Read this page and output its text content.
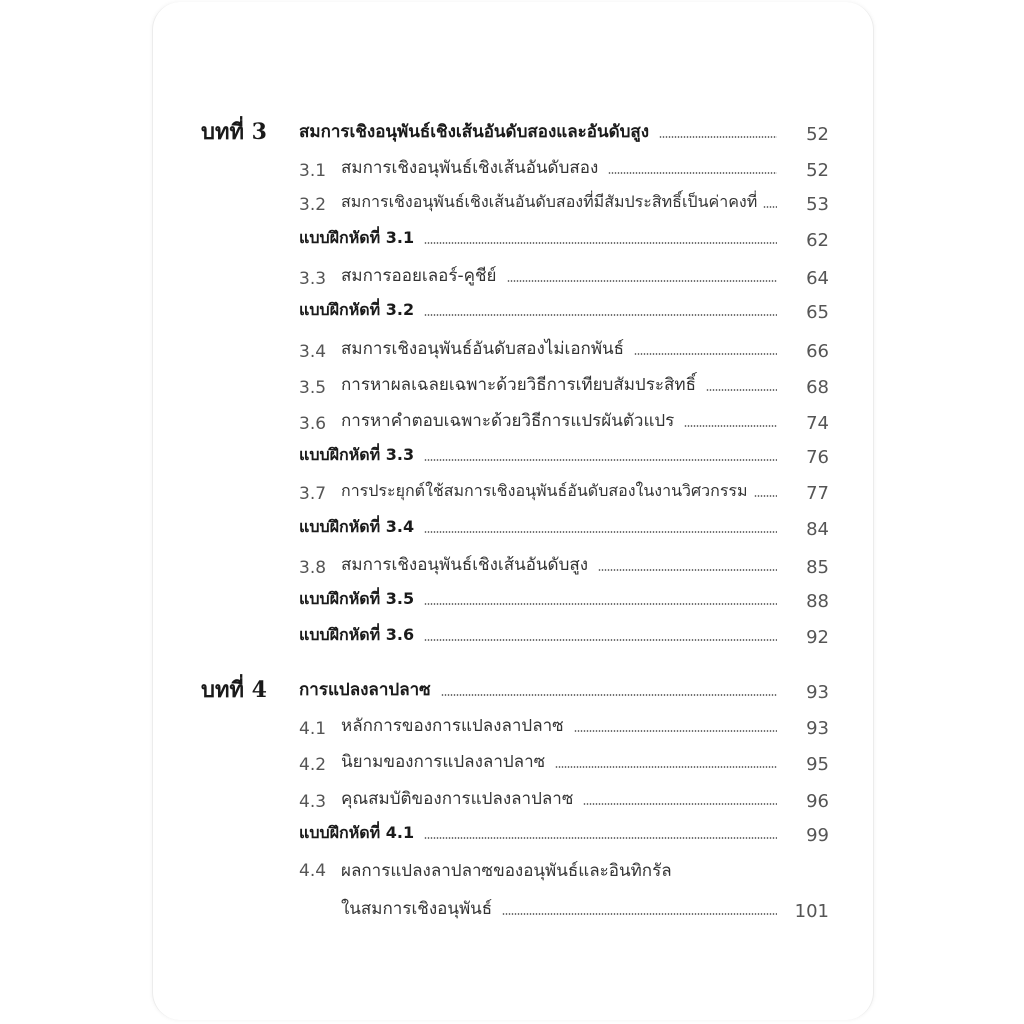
บทที่ 3 สมการเชิงอนุพันธ์เชิงเส้นอันดับสองและอันดับสูง	52
3.1 สมการเชิงอนุพันธ์เชิงเส้นอันดับสอง	52
3.2 สมการเชิงอนุพันธ์เชิงเส้นอันดับสองที่มีสัมประสิทธิ์เป็นค่าคงที่	53
แบบฝึกหัดที่ 3.1	62
3.3 สมการออยเลอร์-คูชีย์	64
แบบฝึกหัดที่ 3.2	65
3.4 สมการเชิงอนุพันธ์อันดับสองไม่เอกพันธ์	66
3.5 การหาผลเฉลยเฉพาะด้วยวิธีการเทียบสัมประสิทธิ์	68
3.6 การหาคำตอบเฉพาะด้วยวิธีการแปรผันตัวแปร	74
แบบฝึกหัดที่ 3.3	76
3.7 การประยุกต์ใช้สมการเชิงอนุพันธ์อันดับสองในงานวิศวกรรม	77
แบบฝึกหัดที่ 3.4	84
3.8 สมการเชิงอนุพันธ์เชิงเส้นอันดับสูง	85
แบบฝึกหัดที่ 3.5	88
แบบฝึกหัดที่ 3.6	92
บทที่ 4 การแปลงลาปลาซ	93
4.1 หลักการของการแปลงลาปลาซ	93
4.2 นิยามของการแปลงลาปลาซ	95
4.3 คุณสมบัติของการแปลงลาปลาซ	96
แบบฝึกหัดที่ 4.1	99
4.4 ผลการแปลงลาปลาซของอนุพันธ์และอินทิกรัล
ในสมการเชิงอนุพันธ์	101
